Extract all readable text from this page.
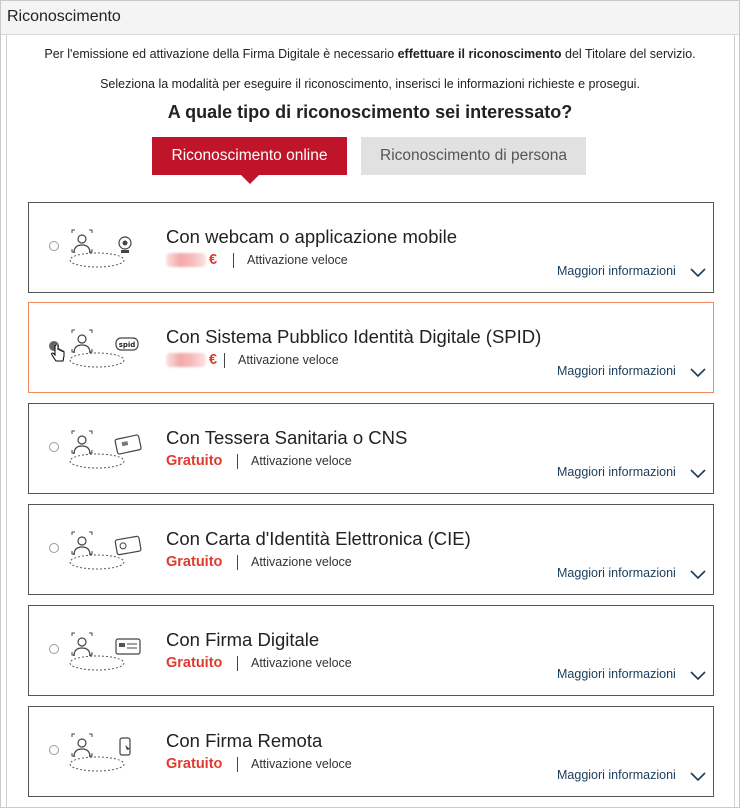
Riconoscimento
Per l'emissione ed attivazione della Firma Digitale è necessario effettuare il riconoscimento del Titolare del servizio.
Seleziona la modalità per eseguire il riconoscimento, inserisci le informazioni richieste e prosegui.
A quale tipo di riconoscimento sei interessato?
Riconoscimento online	Riconoscimento di persona
Con webcam o applicazione mobile
€ Attivazione veloce
Maggiori informazioni
spid Con Sistema Pubblico Identità Digitale (SPID)
€ Attivazione veloce
Maggiori informazioni
Con Tessera Sanitaria o CNS
Gratuito Attivazione veloce
Maggiori informazioni
Con Carta d'Identità Elettronica (CIE)
Gratuito Attivazione veloce
Maggiori informazioni
Con Firma Digitale
Gratuito Attivazione veloce
Maggiori informazioni
Con Firma Remota
Gratuito Attivazione veloce
Maggiori informazioni
